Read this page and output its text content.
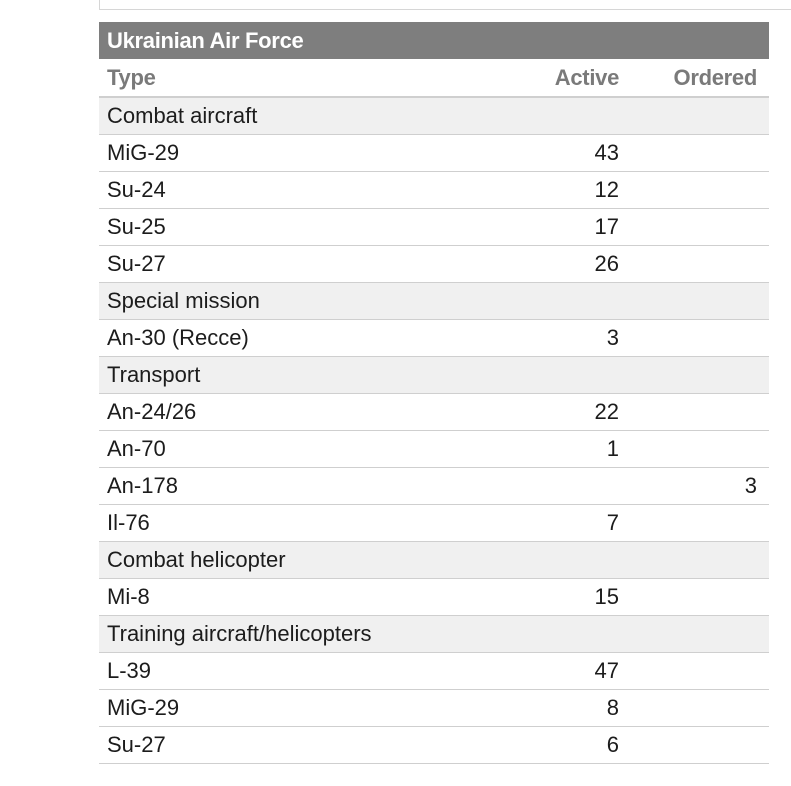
Ukrainian Air Force
Type	Active	Ordered
Combat aircraft		
MiG-29	43	
Su-24	12	
Su-25	17	
Su-27	26	
Special mission		
An-30 (Recce)	3	
Transport		
An-24/26	22	
An-70	1	
An-178		3
Il-76	7	
Combat helicopter		
Mi-8	15	
Training aircraft/helicopters		
L-39	47	
MiG-29	8	
Su-27	6	
